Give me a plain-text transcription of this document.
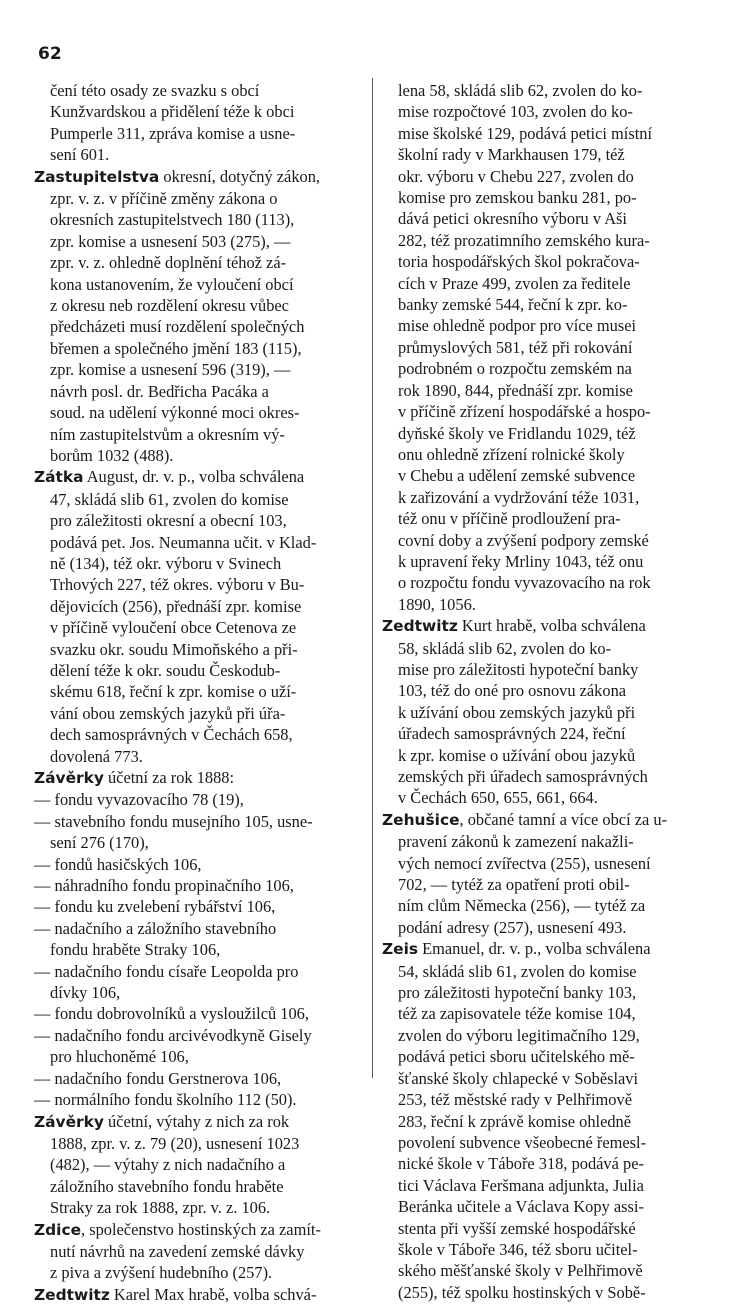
62
čení této osady ze svazku s obcí
Kunžvardskou a přidělení téže k obci
Pumperle 311, zpráva komise a usne-
sení 601.
Zastupitelstva okresní, dotyčný zákon,
zpr. v. z. v příčině změny zákona o
okresních zastupitelstvech 180 (113),
zpr. komise a usnesení 503 (275), —
zpr. v. z. ohledně doplnění téhož zá-
kona ustanovením, že vyloučení obcí
z okresu neb rozdělení okresu vůbec
předcházeti musí rozdělení společných
břemen a společného jmění 183 (115),
zpr. komise a usnesení 596 (319), —
návrh posl. dr. Bedřicha Pacáka a
soud. na udělení výkonné moci okres-
ním zastupitelstvům a okresním vý-
borům 1032 (488).
Zátka August, dr. v. p., volba schválena
47, skládá slib 61, zvolen do komise
pro záležitosti okresní a obecní 103,
podává pet. Jos. Neumanna učit. v Klad-
ně (134), též okr. výboru v Svinech
Trhových 227, též okres. výboru v Bu-
dějovicích (256), přednáší zpr. komise
v příčině vyloučení obce Cetenova ze
svazku okr. soudu Mimoňského a při-
dělení téže k okr. soudu Českodub-
skému 618, řeční k zpr. komise o uží-
vání obou zemských jazyků při úřa-
dech samosprávných v Čechách 658,
dovolená 773.
Závěrky účetní za rok 1888:
— fondu vyvazovacího 78 (19),
— stavebního fondu musejního 105, usne-
sení 276 (170),
— fondů hasičských 106,
— náhradního fondu propinačního 106,
— fondu ku zvelebení rybářství 106,
— nadačního a záložního stavebního
fondu hraběte Straky 106,
— nadačního fondu císaře Leopolda pro
dívky 106,
— fondu dobrovolníků a vysloužilců 106,
— nadačního fondu arcivévodkyně Gisely
pro hluchoněmé 106,
— nadačního fondu Gerstnerova 106,
— normálního fondu školního 112 (50).
Závěrky účetní, výtahy z nich za rok
1888, zpr. v. z. 79 (20), usnesení 1023
(482), — výtahy z nich nadačního a
záložního stavebního fondu hraběte
Straky za rok 1888, zpr. v. z. 106.
Zdice, společenstvo hostinských za zamít-
nutí návrhů na zavedení zemské dávky
z piva a zvýšení hudebního (257).
Zedtwitz Karel Max hrabě, volba schvá-
lena 58, skládá slib 62, zvolen do ko-
mise rozpočtové 103, zvolen do ko-
mise školské 129, podává petici místní
školní rady v Markhausen 179, též
okr. výboru v Chebu 227, zvolen do
komise pro zemskou banku 281, po-
dává petici okresního výboru v Aši
282, též prozatimního zemského kura-
toria hospodářských škol pokračova-
cích v Praze 499, zvolen za ředitele
banky zemské 544, řeční k zpr. ko-
mise ohledně podpor pro více musei
průmyslových 581, též při rokování
podrobném o rozpočtu zemském na
rok 1890, 844, přednáší zpr. komise
v příčině zřízení hospodářské a hospo-
dyňské školy ve Fridlandu 1029, též
onu ohledně zřízení rolnické školy
v Chebu a udělení zemské subvence
k zařizování a vydržování téže 1031,
též onu v příčině prodloužení pra-
covní doby a zvýšení podpory zemské
k upravení řeky Mrliny 1043, též onu
o rozpočtu fondu vyvazovacího na rok
1890, 1056.
Zedtwitz Kurt hrabě, volba schválena
58, skládá slib 62, zvolen do ko-
mise pro záležitosti hypoteční banky
103, též do oné pro osnovu zákona
k užívání obou zemských jazyků při
úřadech samosprávných 224, řeční
k zpr. komise o užívání obou jazyků
zemských při úřadech samosprávných
v Čechách 650, 655, 661, 664.
Zehušice, občané tamní a více obcí za u-
pravení zákonů k zamezení nakažli-
vých nemocí zvířectva (255), usnesení
702, — tytéž za opatření proti obil-
ním clům Německa (256), — tytéž za
podání adresy (257), usnesení 493.
Zeis Emanuel, dr. v. p., volba schválena
54, skládá slib 61, zvolen do komise
pro záležitosti hypoteční banky 103,
též za zapisovatele téže komise 104,
zvolen do výboru legitimačního 129,
podává petici sboru učitelského mě-
šťanské školy chlapecké v Soběslavi
253, též městské rady v Pelhřimově
283, řeční k zprávě komise ohledně
povolení subvence všeobecné řemesl-
nické škole v Táboře 318, podává pe-
tici Václava Feršmana adjunkta, Julia
Beránka učitele a Václava Kopy assi-
stenta při vyšší zemské hospodářské
škole v Táboře 346, též sboru učitel-
ského měšťanské školy v Pelhřimově
(255), též spolku hostinských v Sobě-
